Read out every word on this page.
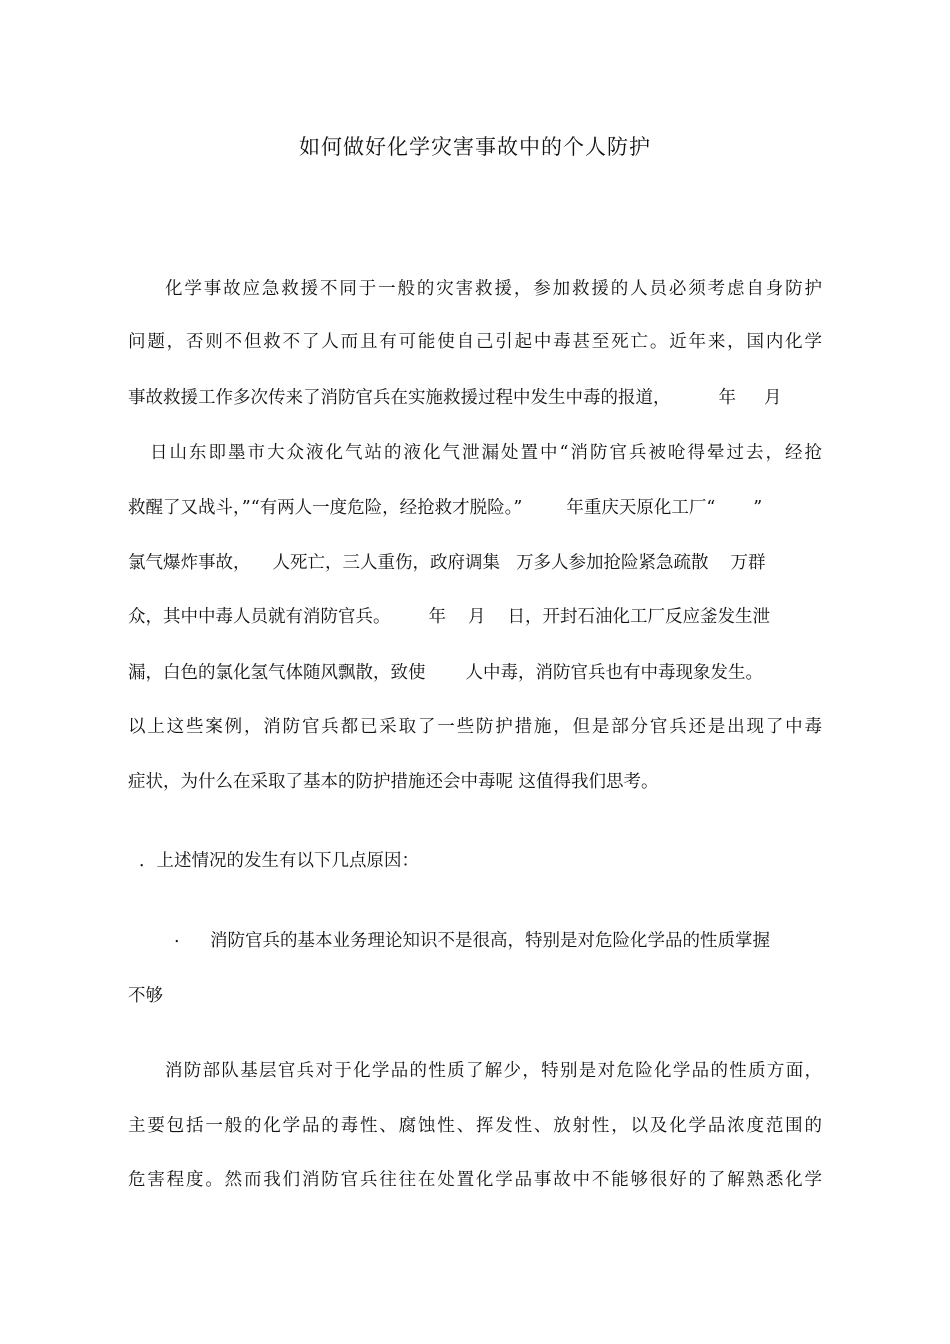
如何做好化学灾害事故中的个人防护
化学事故应急救援不同于一般的灾害救援，参加救援的人员必须考虑自身防护
问题，否则不但救不了人而且有可能使自己引起中毒甚至死亡。近年来，国内化学
事故救援工作多次传来了消防官兵在实施救援过程中发生中毒的报道，	年 月
日山东即墨市大众液化气站的液化气泄漏处置中“消防官兵被呛得晕过去，经抢
救醒了又战斗，”“有两人一度危险，经抢救才脱险。”	年重庆天原化工厂“ ”
氯气爆炸事故， 人死亡，三人重伤，政府调集 万多人参加抢险紧急疏散 万群
众，其中中毒人员就有消防官兵。 年 月 日，开封石油化工厂反应釜发生泄
漏，白色的氯化氢气体随风飘散，致使 人中毒，消防官兵也有中毒现象发生。
以上这些案例，消防官兵都已采取了一些防护措施，但是部分官兵还是出现了中毒
症状，为什么在采取了基本的防护措施还会中毒呢 这值得我们思考。
．上述情况的发生有以下几点原因：
. 消防官兵的基本业务理论知识不是很高，特别是对危险化学品的性质掌握
不够
消防部队基层官兵对于化学品的性质了解少，特别是对危险化学品的性质方面，
主要包括一般的化学品的毒性、腐蚀性、挥发性、放射性，以及化学品浓度范围的
危害程度。然而我们消防官兵往往在处置化学品事故中不能够很好的了解熟悉化学
